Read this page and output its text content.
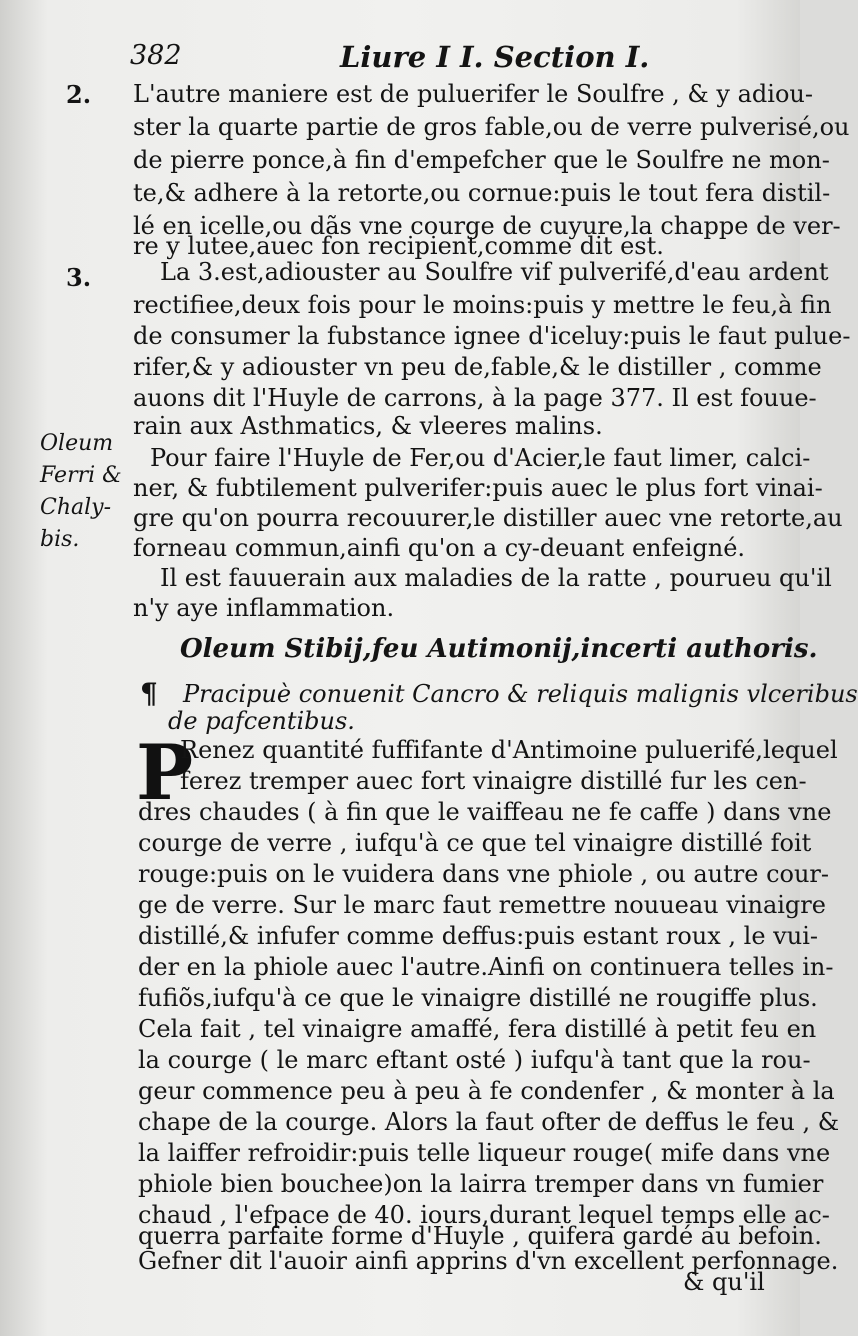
382	Liure I I. Section I.
2.
3.
L'autre maniere est de puluerifer le Soulfre , & y adiou-
ster la quarte partie de gros fable,ou de verre pulverisé,ou
de pierre ponce,à fin d'empefcher que le Soulfre ne mon-
te,& adhere à la retorte,ou cornue:puis le tout fera distil-
lé en icelle,ou dãs vne courge de cuyure,la chappe de ver-
re y lutee,auec fon recipient,comme dit est.
La 3.est,adiouster au Soulfre vif pulverifé,d'eau ardent
rectifiee,deux fois pour le moins:puis y mettre le feu,à fin
de consumer la fubstance ignee d'iceluy:puis le faut pulue-
rifer,& y adiouster vn peu de,fable,& le distiller , comme
auons dit l'Huyle de carrons, à la page 377. Il est fouue-
rain aux Asthmatics, & vleeres malins.
Oleum
Ferri &
Chaly-
bis.
Pour faire l'Huyle de Fer,ou d'Acier,le faut limer, calci-
ner, & fubtilement pulverifer:puis auec le plus fort vinai-
gre qu'on pourra recouurer,le distiller auec vne retorte,au
forneau commun,ainfi qu'on a cy-deuant enfeigné.
Il est fauuerain aux maladies de la ratte , pourueu qu'il
n'y aye inflammation.
Oleum Stibij,feu Autimonij,incerti authoris.
¶ Pracipuè conuenit Cancro & reliquis malignis vlceribus
de pafcentibus.
P
Renez quantité fuffifante d'Antimoine puluerifé,lequel
ferez tremper auec fort vinaigre distillé fur les cen-
dres chaudes ( à fin que le vaiffeau ne fe caffe ) dans vne
courge de verre , iufqu'à ce que tel vinaigre distillé foit
rouge:puis on le vuidera dans vne phiole , ou autre cour-
ge de verre. Sur le marc faut remettre nouueau vinaigre
distillé,& infufer comme deffus:puis estant roux , le vui-
der en la phiole auec l'autre.Ainfi on continuera telles in-
fufiõs,iufqu'à ce que le vinaigre distillé ne rougiffe plus.
Cela fait , tel vinaigre amaffé, fera distillé à petit feu en
la courge ( le marc eftant osté ) iufqu'à tant que la rou-
geur commence peu à peu à fe condenfer , & monter à la
chape de la courge. Alors la faut ofter de deffus le feu , &
la laiffer refroidir:puis telle liqueur rouge( mife dans vne
phiole bien bouchee)on la lairra tremper dans vn fumier
chaud , l'efpace de 40. iours,durant lequel temps elle ac-
querra parfaite forme d'Huyle , quifera gardé au befoin.
Gefner dit l'auoir ainfi apprins d'vn excellent perfonnage.
& qu'il
